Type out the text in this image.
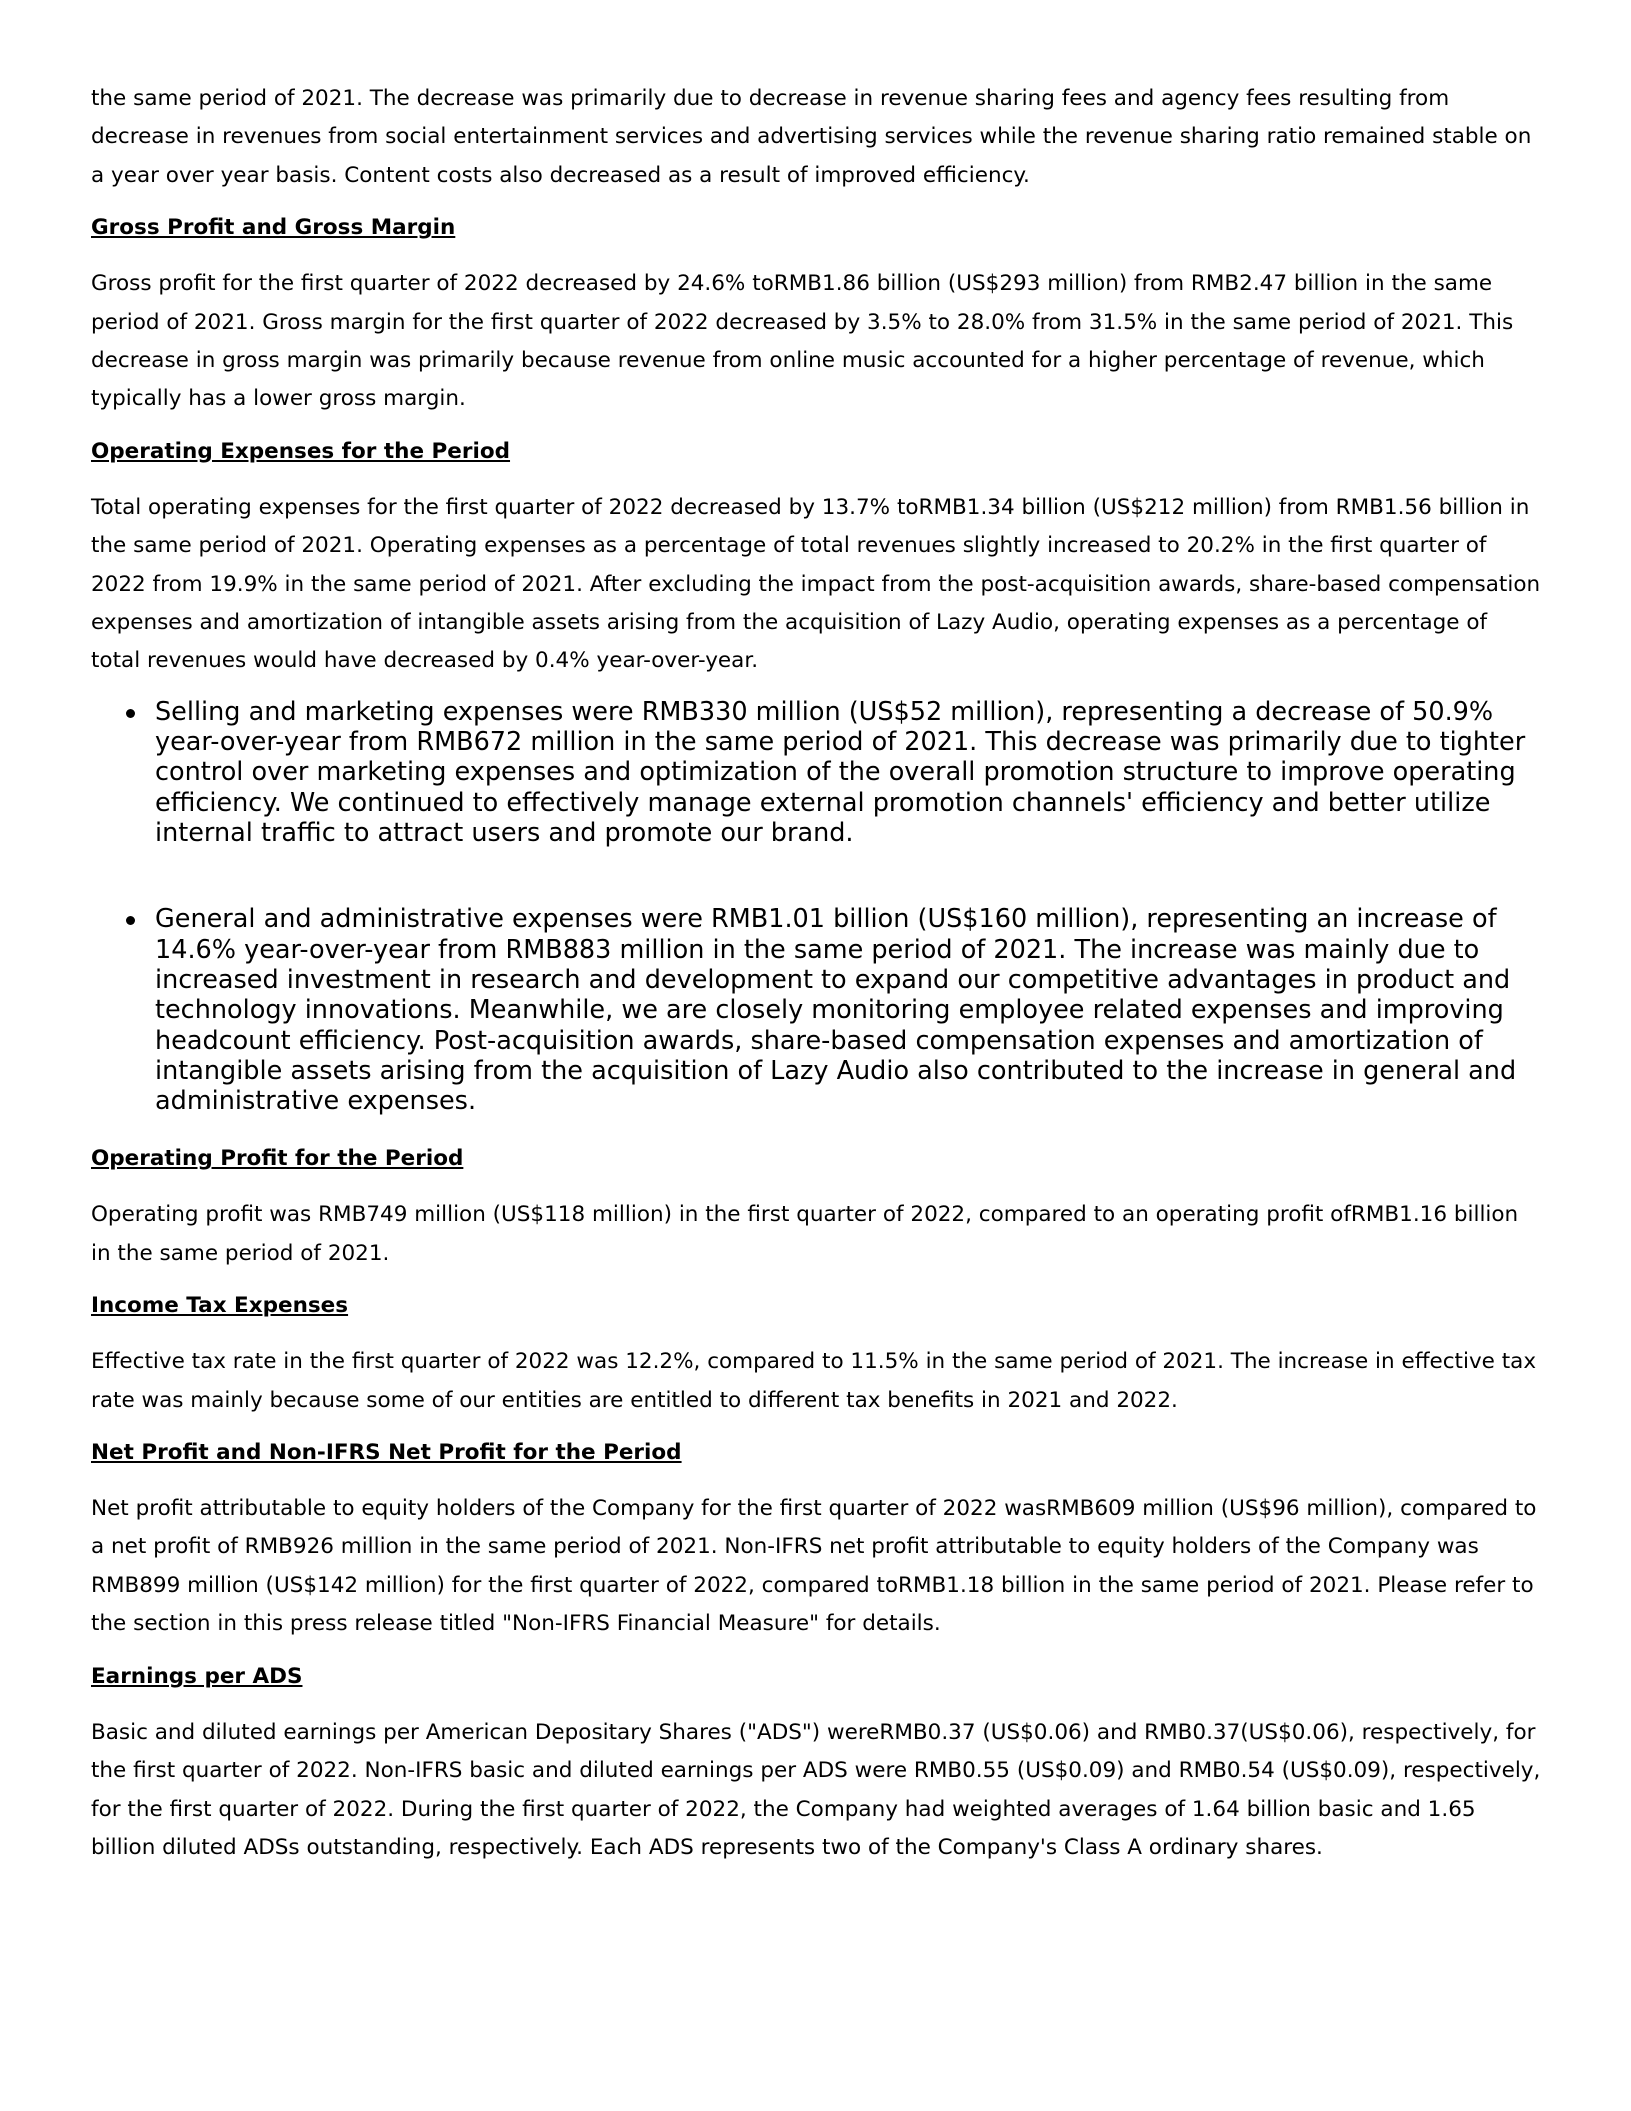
the same period of 2021. The decrease was primarily due to decrease in revenue sharing fees and agency fees resulting from decrease in revenues from social entertainment services and advertising services while the revenue sharing ratio remained stable on a year over year basis. Content costs also decreased as a result of improved efficiency.

Gross Profit and Gross Margin

Gross profit for the first quarter of 2022 decreased by 24.6% toRMB1.86 billion (US$293 million) from RMB2.47 billion in the same period of 2021. Gross margin for the first quarter of 2022 decreased by 3.5% to 28.0% from 31.5% in the same period of 2021. This decrease in gross margin was primarily because revenue from online music accounted for a higher percentage of revenue, which typically has a lower gross margin.

Operating Expenses for the Period

Total operating expenses for the first quarter of 2022 decreased by 13.7% toRMB1.34 billion (US$212 million) from RMB1.56 billion in the same period of 2021. Operating expenses as a percentage of total revenues slightly increased to 20.2% in the first quarter of 2022 from 19.9% in the same period of 2021. After excluding the impact from the post-acquisition awards, share-based compensation expenses and amortization of intangible assets arising from the acquisition of Lazy Audio, operating expenses as a percentage of total revenues would have decreased by 0.4% year-over-year.

Selling and marketing expenses were RMB330 million (US$52 million), representing a decrease of 50.9% year-over-year from RMB672 million in the same period of 2021. This decrease was primarily due to tighter control over marketing expenses and optimization of the overall promotion structure to improve operating efficiency. We continued to effectively manage external promotion channels' efficiency and better utilize internal traffic to attract users and promote our brand.
General and administrative expenses were RMB1.01 billion (US$160 million), representing an increase of 14.6% year-over-year from RMB883 million in the same period of 2021. The increase was mainly due to increased investment in research and development to expand our competitive advantages in product and technology innovations. Meanwhile, we are closely monitoring employee related expenses and improving headcount efficiency. Post-acquisition awards, share-based compensation expenses and amortization of intangible assets arising from the acquisition of Lazy Audio also contributed to the increase in general and administrative expenses.
Operating Profit for the Period

Operating profit was RMB749 million (US$118 million) in the first quarter of 2022, compared to an operating profit ofRMB1.16 billion in the same period of 2021.

Income Tax Expenses

Effective tax rate in the first quarter of 2022 was 12.2%, compared to 11.5% in the same period of 2021. The increase in effective tax rate was mainly because some of our entities are entitled to different tax benefits in 2021 and 2022.

Net Profit and Non-IFRS Net Profit for the Period

Net profit attributable to equity holders of the Company for the first quarter of 2022 wasRMB609 million (US$96 million), compared to a net profit of RMB926 million in the same period of 2021. Non-IFRS net profit attributable to equity holders of the Company was RMB899 million (US$142 million) for the first quarter of 2022, compared toRMB1.18 billion in the same period of 2021. Please refer to the section in this press release titled "Non-IFRS Financial Measure" for details.

Earnings per ADS

Basic and diluted earnings per American Depositary Shares ("ADS") wereRMB0.37 (US$0.06) and RMB0.37(US$0.06), respectively, for the first quarter of 2022. Non-IFRS basic and diluted earnings per ADS were RMB0.55 (US$0.09) and RMB0.54 (US$0.09), respectively, for the first quarter of 2022. During the first quarter of 2022, the Company had weighted averages of 1.64 billion basic and 1.65 billion diluted ADSs outstanding, respectively. Each ADS represents two of the Company's Class A ordinary shares.
